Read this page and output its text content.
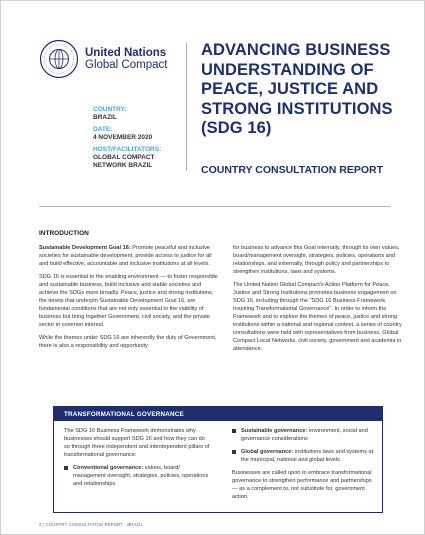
United Nations
Global Compact
ADVANCING BUSINESS UNDERSTANDING OF PEACE, JUSTICE AND STRONG INSTITUTIONS (SDG 16)
COUNTRY CONSULTATION REPORT
COUNTRY:
BRAZIL
DATE:
4 NOVEMBER 2020
HOST/FACILITATORS:
GLOBAL COMPACT NETWORK BRAZIL
INTRODUCTION

Sustainable Development Goal 16: Promote peaceful and inclusive societies for sustainable development, provide access to justice for all and build effective, accountable and inclusive institutions at all levels.

SDG 16 is essential to the enabling environment — to foster responsible and sustainable business, build inclusive and stable societies and achieve the SDGs more broadly. Peace, justice and strong institutions, the tenets that underpin Sustainable Development Goal 16, are fundamental conditions that are not only essential to the viability of business but bring together Government, civil society, and the private sector in common interest.

While the themes under SDG 16 are inherently the duty of Government, there is also a responsibility and opportunity

for business to advance this Goal internally, through its own values, board/management oversight, strategies, policies, operations and relationships, and externally, through policy and partnerships to strengthen institutions, laws and systems.

The United Nation Global Compact's Action Platform for Peace, Justice and Strong Institutions promotes business engagement on SDG 16, including through the "SDG 16 Business Framework Inspiring Transformational Governance". In order to inform the Framework and to explore the themes of peace, justice and strong institutions within a national and regional context, a series of country consultations were held with representatives from business, Global Compact Local Networks, civil society, government and academia in attendance.

TRANSFORMATIONAL GOVERNANCE

The SDG 16 Business Framework demonstrates why businesses should support SDG 16 and how they can do so through three independent and interdependent pillars of transformational governance:

Conventional governance: values, board/ management oversight, strategies, policies, operations and relationships
Sustainable governance: environment, social and governance considerations
Global governance: institutions laws and systems at the municipal, national and global levels

Businesses are called upon to embrace transformational governance to strengthen performance and partnerships — as a complement to, not substitute for, government action.

2 | COUNTRY CONSULTATION REPORT · BRAZIL
